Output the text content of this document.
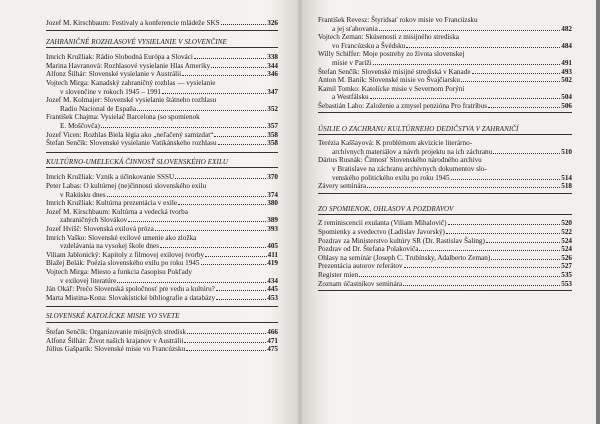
Jozef M. Kirschbaum: Festivaly a konferencie mládeže SKS	326
ZAHRANIČNÉ ROZHLASOVÉ VYSIELANIE V SLOVENČINE
Imrich Kružliak: Rádio Slobodná Európa a Slováci	338
Marina Havranová: Rozhlasové vysielanie Hlas Ameriky	344
Alfonz Šilhár: Slovenské vysielanie v Austrálii	346
Vojtech Mirga: Kanadský zahraničný rozhlas — vysielanie
v slovenčine v rokoch 1945 – 1991	347
Jozef M. Kolmajer: Slovenské vysielanie štátneho rozhlasu
Radio Nacional de España	352
František Chajma: Vysielač Barcelona (so spomienok
E. Moščovča)	357
Jozef Vicen: Rozhlas Biela légia ako „neľačený samizdat“	358
Štefan Senčík: Slovenské vysielanie Vatikánskeho rozhlasu	358
KULTÚRNO-UMELECKÁ ČINNOSŤ SLOVENSKÉHO EXILU
Imrich Kružliak: Vznik a účinkovanie SSSU	370
Peter Labas: O kultúrnej (ne)činnosti slovenského exilu
v Rakúsku dnes	374
Imrich Kružliak: Kultúrna prezentácia v exile	380
Jozef M. Kirschbaum: Kultúrna a vedecká tvorba
zahraničných Slovákov	389
Jozef Hvišč: Slovenská exilová próza	393
Imrich Vaško: Slovenské exilové umenie ako zložka
vzdelávania na vysokej škole dnes	405
Viliam Jablonický: Kapitoly z filmovej exilovej tvorby	411
Blažej Belák: Poézia slovenského exilu po roku 1945	419
Vojtech Mirga: Miesto a funkcia časopisu Pokľady
v exilovej literatúre	434
Ján Okáľ: Prečo Slovenská spoločnosť pre vedu a kultúru?	445
Marta Mistina-Kona: Slovakistické bibliografie a databázy	453
SLOVENSKÉ KATOLÍCKE MISIE VO SVETE
Štefan Senčík: Organizovanie misijných stredísk	466
Alfonz Šilhár: Život našich krajanov v Austrálii	471
Július Gašparík: Slovenské misie vo Francúzsku	475
František Revesz: Štyridsať rokov misie vo Francúzsku
a jej sťahovania	482
Vojtech Zeman: Skúsenosti z misijného strediska
vo Francúzsku a Švédsku	484
Willy Schiffer: Moje postrehy zo života slovenskej
misie v Paríži	491
Štefan Senčík: Slovenské misijné strediská v Kanade	493
Anton M. Baník: Slovenské misie vo Švajčiarsku	502
Kamil Tomko: Katolícke misie v Severnom Porýní
a Westfálsku	504
Šebastián Labo: Založenie a zmysel penzióna Pro fratribus	506
ÚSILIE O ZACHRANU KULTÚRNEHO DEDIČSTVA V ZAHRANIČÍ
Terézia Kaššayová: K problémom akvizície literárno-
archívnych materiálov a návrh projektu na ich záchranu	510
Dárius Rusnák: Činnosť Slovenského národného archívu
v Bratislave na záchranu archívnych dokumentov slo-
venského politického exilu po roku 1945	514
Závery seminára	518
ZO SPOMIENOK, OHLASOV A POZDRAVOV
Z reminiscencií exulanta (Viliam Mihalovič)	520
Spomienky a svedectvo (Ladislav Javorský)	522
Pozdrav za Ministerstvo kultúry SR (Dr. Rastislav Šaling)	524
Pozdrav od Dr. Štefana Polakoviča	524
Ohlasy na seminár (Joseph C. Trubínsky, Adalberto Zeman)	526
Prezentácia autorov referátov	527
Register mien	535
Zoznam účastníkov seminára	553
